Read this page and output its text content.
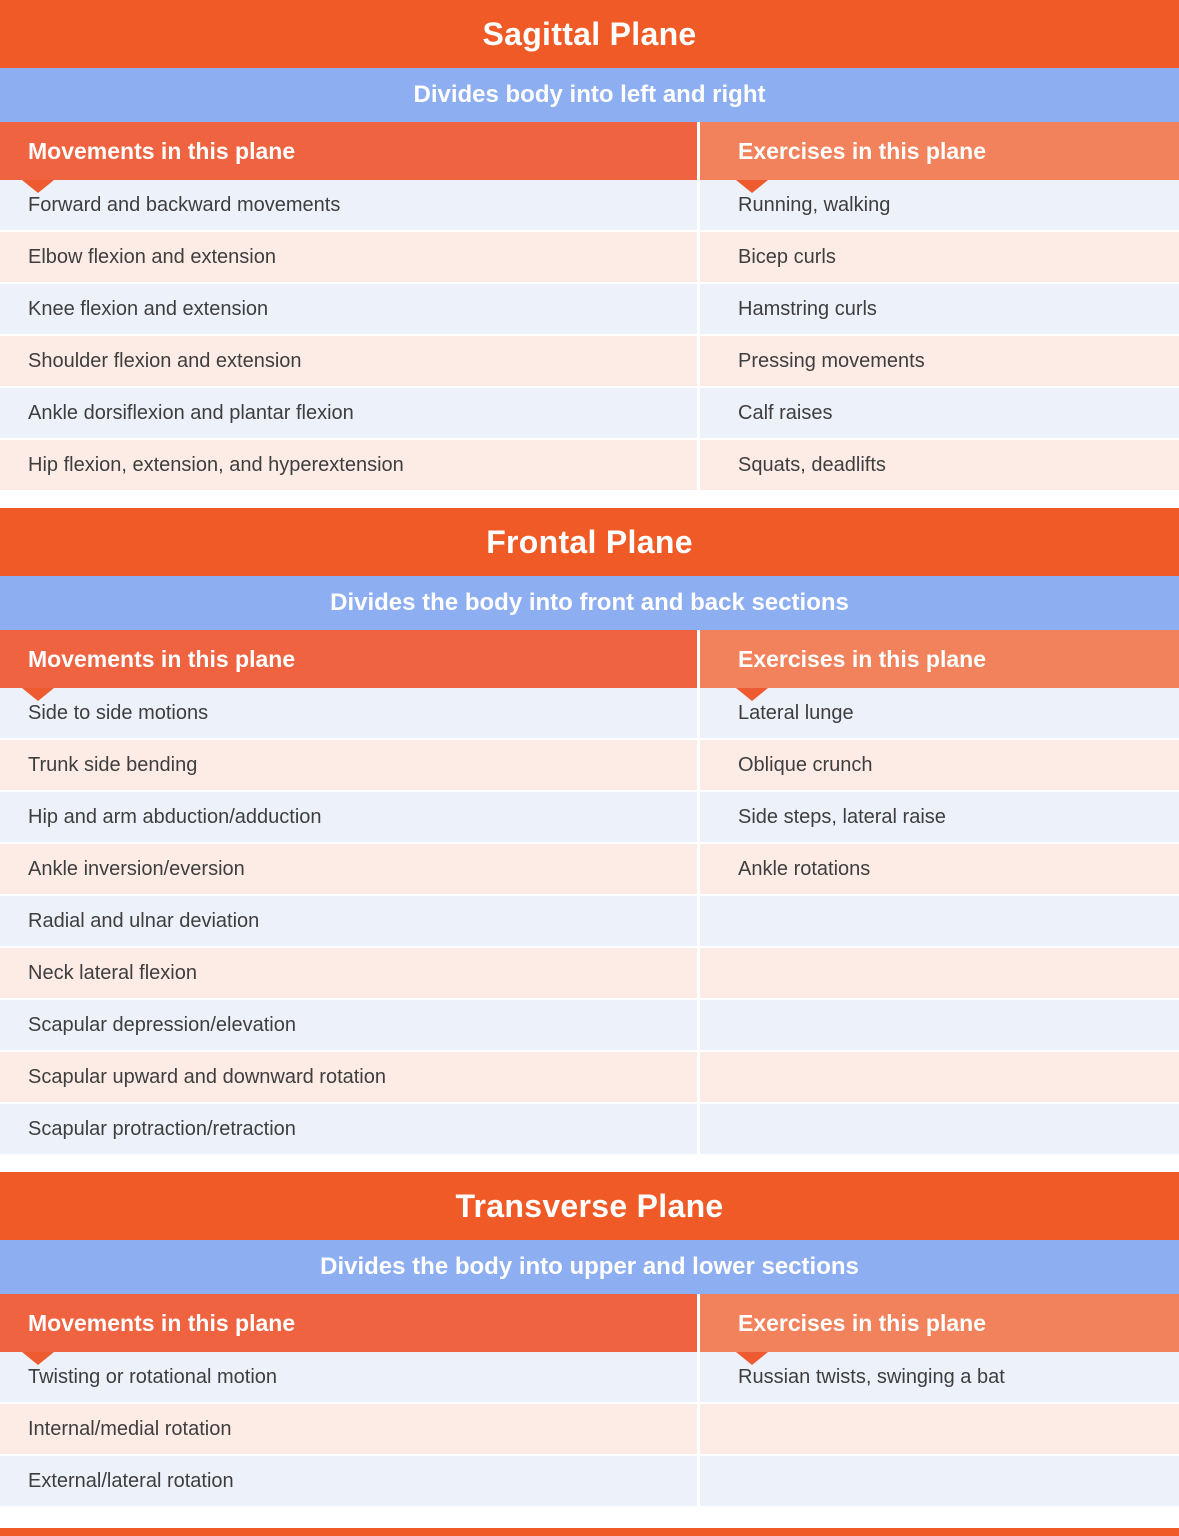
Sagittal Plane
Divides body into left and right
Movements in this plane	Exercises in this plane
Forward and backward movements	Running, walking
Elbow flexion and extension	Bicep curls
Knee flexion and extension	Hamstring curls
Shoulder flexion and extension	Pressing movements
Ankle dorsiflexion and plantar flexion	Calf raises
Hip flexion, extension, and hyperextension	Squats, deadlifts
Frontal Plane
Divides the body into front and back sections
Movements in this plane	Exercises in this plane
Side to side motions	Lateral lunge
Trunk side bending	Oblique crunch
Hip and arm abduction/adduction	Side steps, lateral raise
Ankle inversion/eversion	Ankle rotations
Radial and ulnar deviation
Neck lateral flexion
Scapular depression/elevation
Scapular upward and downward rotation
Scapular protraction/retraction
Transverse Plane
Divides the body into upper and lower sections
Movements in this plane	Exercises in this plane
Twisting or rotational motion	Russian twists, swinging a bat
Internal/medial rotation
External/lateral rotation
